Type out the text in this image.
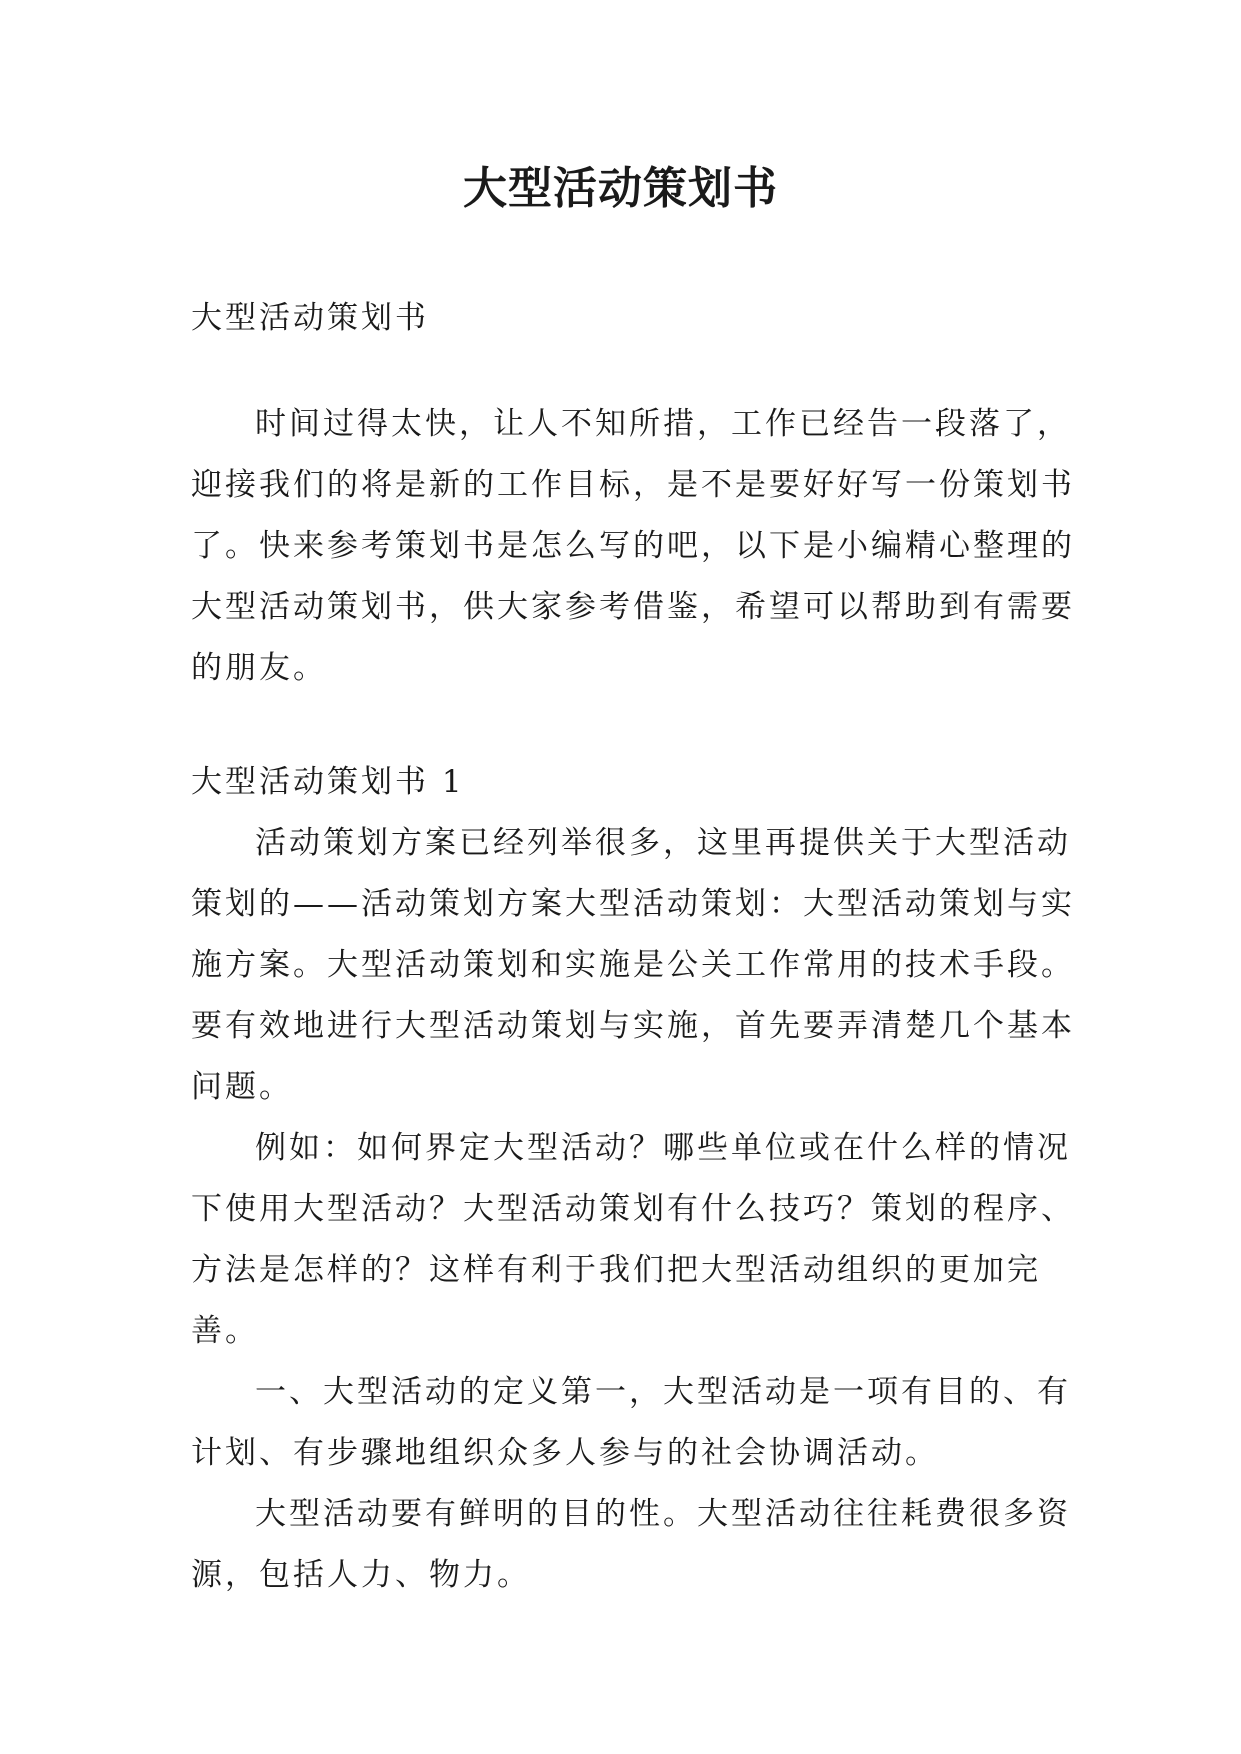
大型活动策划书
大型活动策划书
时间过得太快，让人不知所措，工作已经告一段落了，
迎接我们的将是新的工作目标，是不是要好好写一份策划书
了。快来参考策划书是怎么写的吧，以下是小编精心整理的
大型活动策划书，供大家参考借鉴，希望可以帮助到有需要
的朋友。
大型活动策划书 1
活动策划方案已经列举很多，这里再提供关于大型活动
策划的——活动策划方案大型活动策划：大型活动策划与实
施方案。大型活动策划和实施是公关工作常用的技术手段。
要有效地进行大型活动策划与实施，首先要弄清楚几个基本
问题。
例如：如何界定大型活动？哪些单位或在什么样的情况
下使用大型活动？大型活动策划有什么技巧？策划的程序、
方法是怎样的？这样有利于我们把大型活动组织的更加完
善。
一、大型活动的定义第一，大型活动是一项有目的、有
计划、有步骤地组织众多人参与的社会协调活动。
大型活动要有鲜明的目的性。大型活动往往耗费很多资
源，包括人力、物力。
